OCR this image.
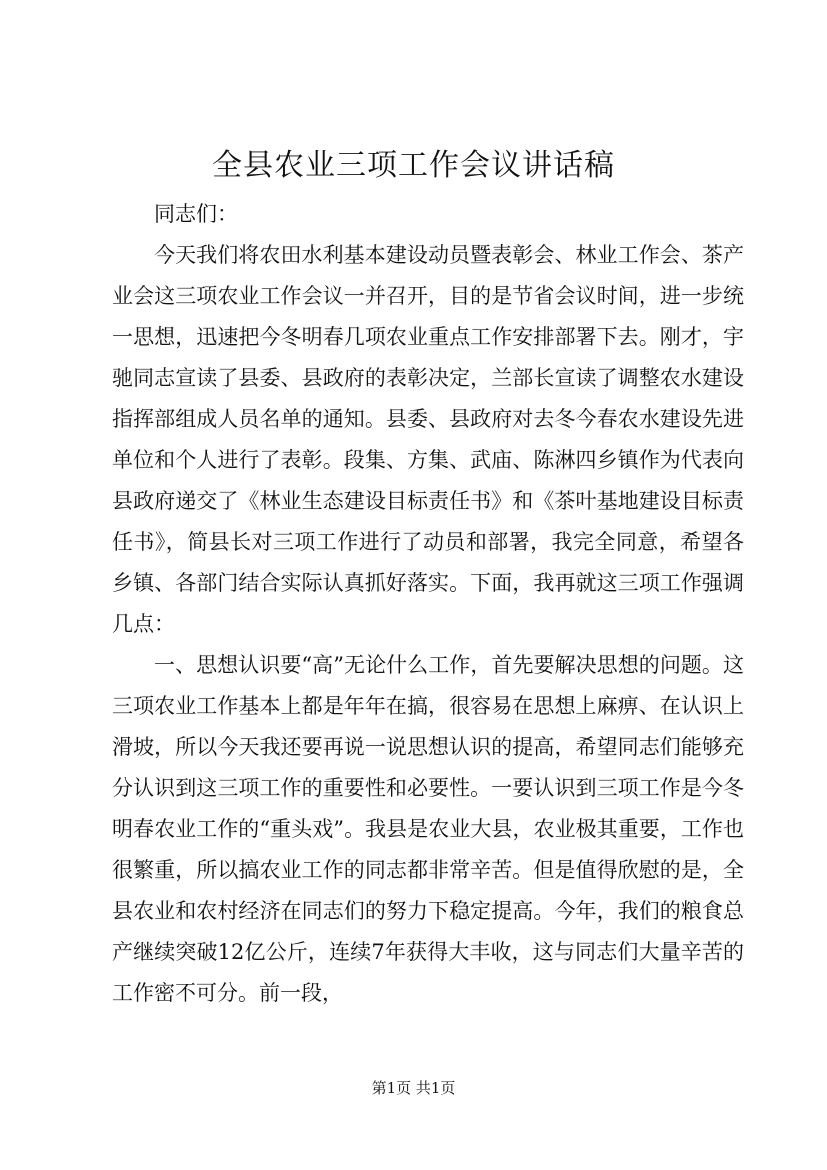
全县农业三项工作会议讲话稿

同志们：

今天我们将农田水利基本建设动员暨表彰会、林业工作会、茶产业会这三项农业工作会议一并召开，目的是节省会议时间，进一步统一思想，迅速把今冬明春几项农业重点工作安排部署下去。刚才，宇驰同志宣读了县委、县政府的表彰决定，兰部长宣读了调整农水建设指挥部组成人员名单的通知。县委、县政府对去冬今春农水建设先进单位和个人进行了表彰。段集、方集、武庙、陈淋四乡镇作为代表向县政府递交了《林业生态建设目标责任书》和《茶叶基地建设目标责任书》，简县长对三项工作进行了动员和部署，我完全同意，希望各乡镇、各部门结合实际认真抓好落实。下面，我再就这三项工作强调几点：

一、思想认识要“高”无论什么工作，首先要解决思想的问题。这三项农业工作基本上都是年年在搞，很容易在思想上麻痹、在认识上滑坡，所以今天我还要再说一说思想认识的提高，希望同志们能够充分认识到这三项工作的重要性和必要性。一要认识到三项工作是今冬明春农业工作的“重头戏”。我县是农业大县，农业极其重要，工作也很繁重，所以搞农业工作的同志都非常辛苦。但是值得欣慰的是，全县农业和农村经济在同志们的努力下稳定提高。今年，我们的粮食总产继续突破12亿公斤，连续7年获得大丰收，这与同志们大量辛苦的工作密不可分。前一段，

第1页 共1页
